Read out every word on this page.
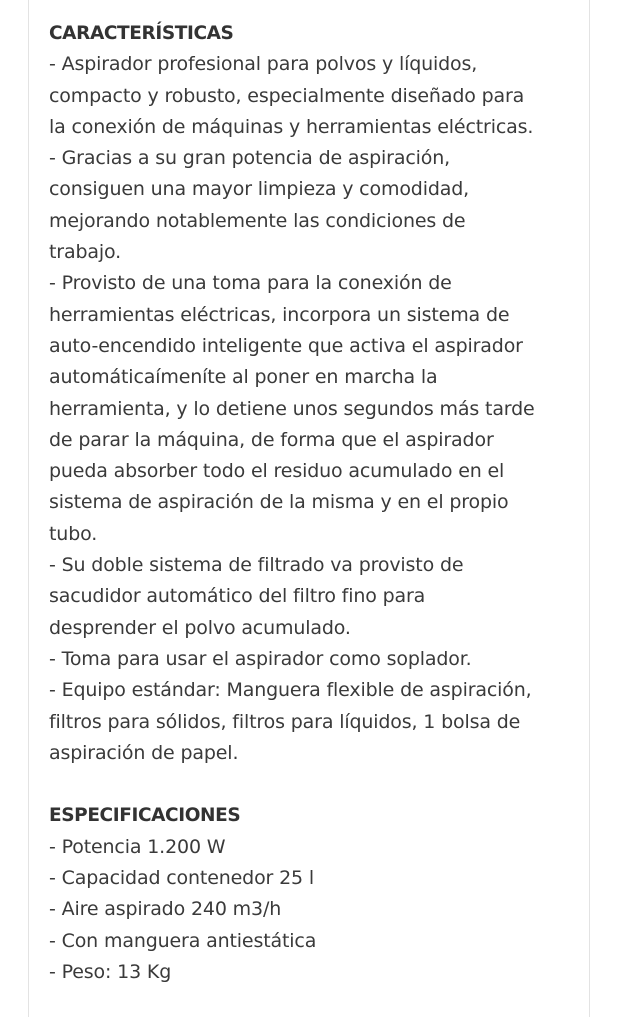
CARACTERÍSTICAS
- Aspirador profesional para polvos y líquidos,
compacto y robusto, especialmente diseñado para
la conexión de máquinas y herramientas eléctricas.
- Gracias a su gran potencia de aspiración,
consiguen una mayor limpieza y comodidad,
mejorando notablemente las condiciones de
trabajo.
- Provisto de una toma para la conexión de
herramientas eléctricas, incorpora un sistema de
auto-encendido inteligente que activa el aspirador
automáticaímeníte al poner en marcha la
herramienta, y lo detiene unos segundos más tarde
de parar la máquina, de forma que el aspirador
pueda absorber todo el residuo acumulado en el
sistema de aspiración de la misma y en el propio
tubo.
- Su doble sistema de filtrado va provisto de
sacudidor automático del filtro fino para
desprender el polvo acumulado.
- Toma para usar el aspirador como soplador.
- Equipo estándar: Manguera flexible de aspiración,
filtros para sólidos, filtros para líquidos, 1 bolsa de
aspiración de papel.
ESPECIFICACIONES
- Potencia 1.200 W
- Capacidad contenedor 25 l
- Aire aspirado 240 m3/h
- Con manguera antiestática
- Peso: 13 Kg
